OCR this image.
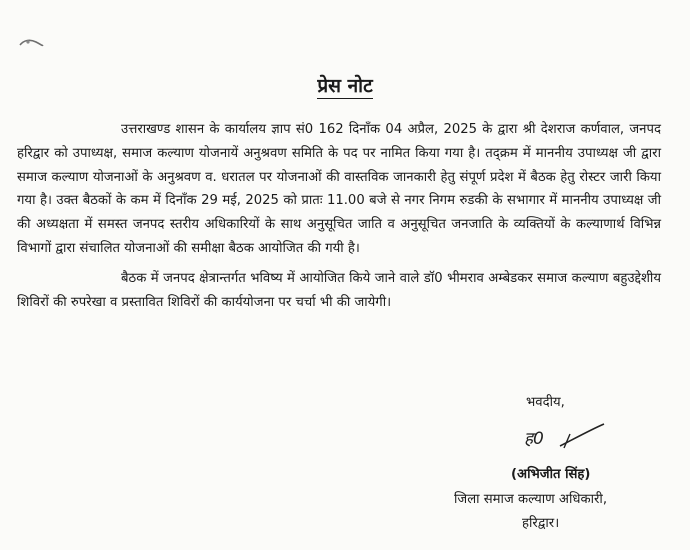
प्रेस नोट

उत्तराखण्ड शासन के कार्यालय ज्ञाप सं0 162 दिनाँक 04 अप्रैल, 2025 के द्वारा श्री देशराज कर्णवाल, जनपद हरिद्वार को उपाध्यक्ष, समाज कल्याण योजनायें अनुश्रवण समिति के पद पर नामित किया गया है। तद्‌क्रम में माननीय उपाध्यक्ष जी द्वारा समाज कल्याण योजनाओं के अनुश्रवण व. धरातल पर योजनाओं की वास्तविक जानकारी हेतु संपूर्ण प्रदेश में बैठक हेतु रोस्टर जारी किया गया है। उक्त बैठकों के कम में दिनाँक 29 मई, 2025 को प्रातः 11.00 बजे से नगर निगम रुडकी के सभागार में माननीय उपाध्यक्ष जी की अध्यक्षता में समस्त जनपद स्तरीय अधिकारियों के साथ अनुसूचित जाति व अनुसूचित जनजाति के व्यक्तियों के कल्याणार्थ विभिन्न विभागों द्वारा संचालित योजनाओं की समीक्षा बैठक आयोजित की गयी है।

बैठक में जनपद क्षेत्रान्तर्गत भविष्य में आयोजित किये जाने वाले डॉ0 भीमराव अम्बेडकर समाज कल्याण बहुउद्देशीय शिविरों की रुपरेखा व प्रस्तावित शिविरों की कार्ययोजना पर चर्चा भी की जायेगी।

भवदीय,
ह0
(अभिजीत सिंह)
जिला समाज कल्याण अधिकारी,
हरिद्वार।
